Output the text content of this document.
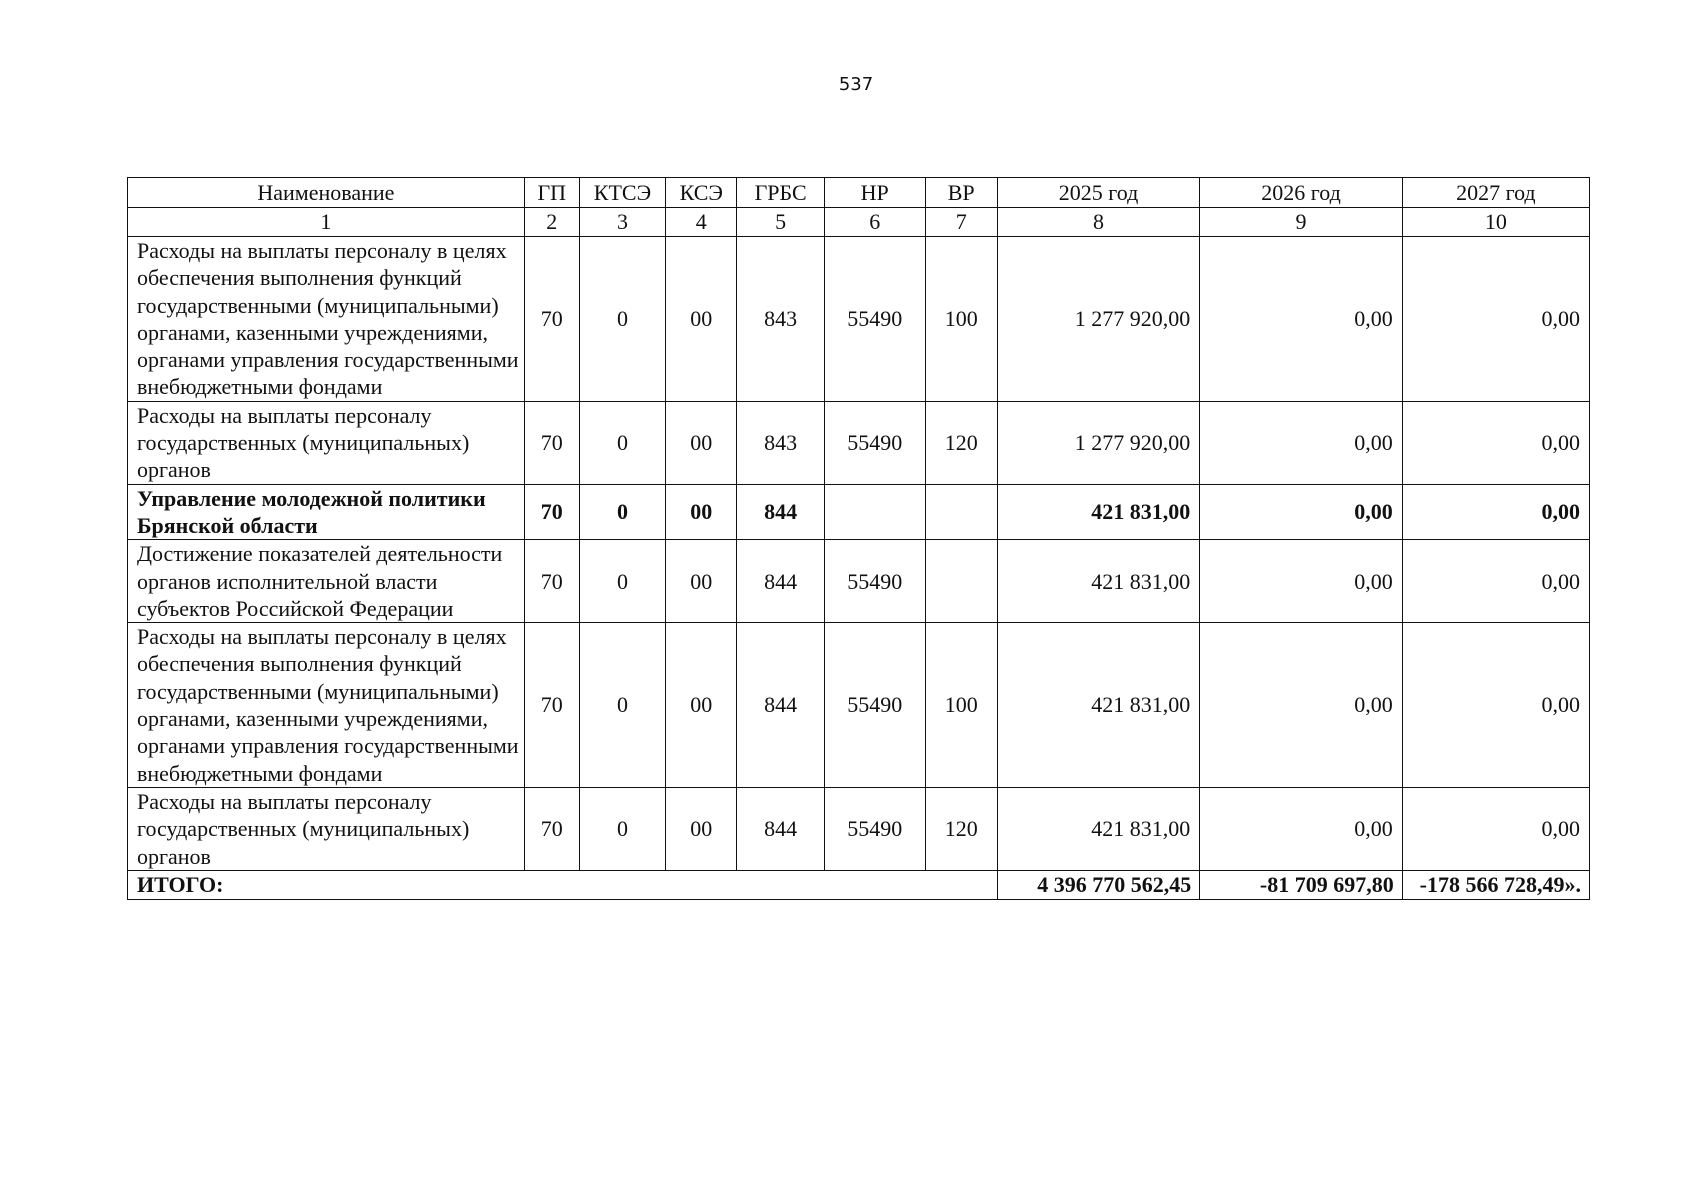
537
Наименование	ГП	КТСЭ	КСЭ	ГРБС	НР	ВР	2025 год	2026 год	2027 год
1	2	3	4	5	6	7	8	9	10
Расходы на выплаты персоналу в целях обеспечения выполнения функций государственными (муниципальными) органами, казенными учреждениями, органами управления государственными внебюджетными фондами	70	0	00	843	55490	100	1 277 920,00	0,00	0,00
Расходы на выплаты персоналу государственных (муниципальных) органов	70	0	00	843	55490	120	1 277 920,00	0,00	0,00
Управление молодежной политики Брянской области	70	0	00	844			421 831,00	0,00	0,00
Достижение показателей деятельности органов исполнительной власти субъектов Российской Федерации	70	0	00	844	55490		421 831,00	0,00	0,00
Расходы на выплаты персоналу в целях обеспечения выполнения функций государственными (муниципальными) органами, казенными учреждениями, органами управления государственными внебюджетными фондами	70	0	00	844	55490	100	421 831,00	0,00	0,00
Расходы на выплаты персоналу государственных (муниципальных) органов	70	0	00	844	55490	120	421 831,00	0,00	0,00
ИТОГО:							4 396 770 562,45	-81 709 697,80	-178 566 728,49».
